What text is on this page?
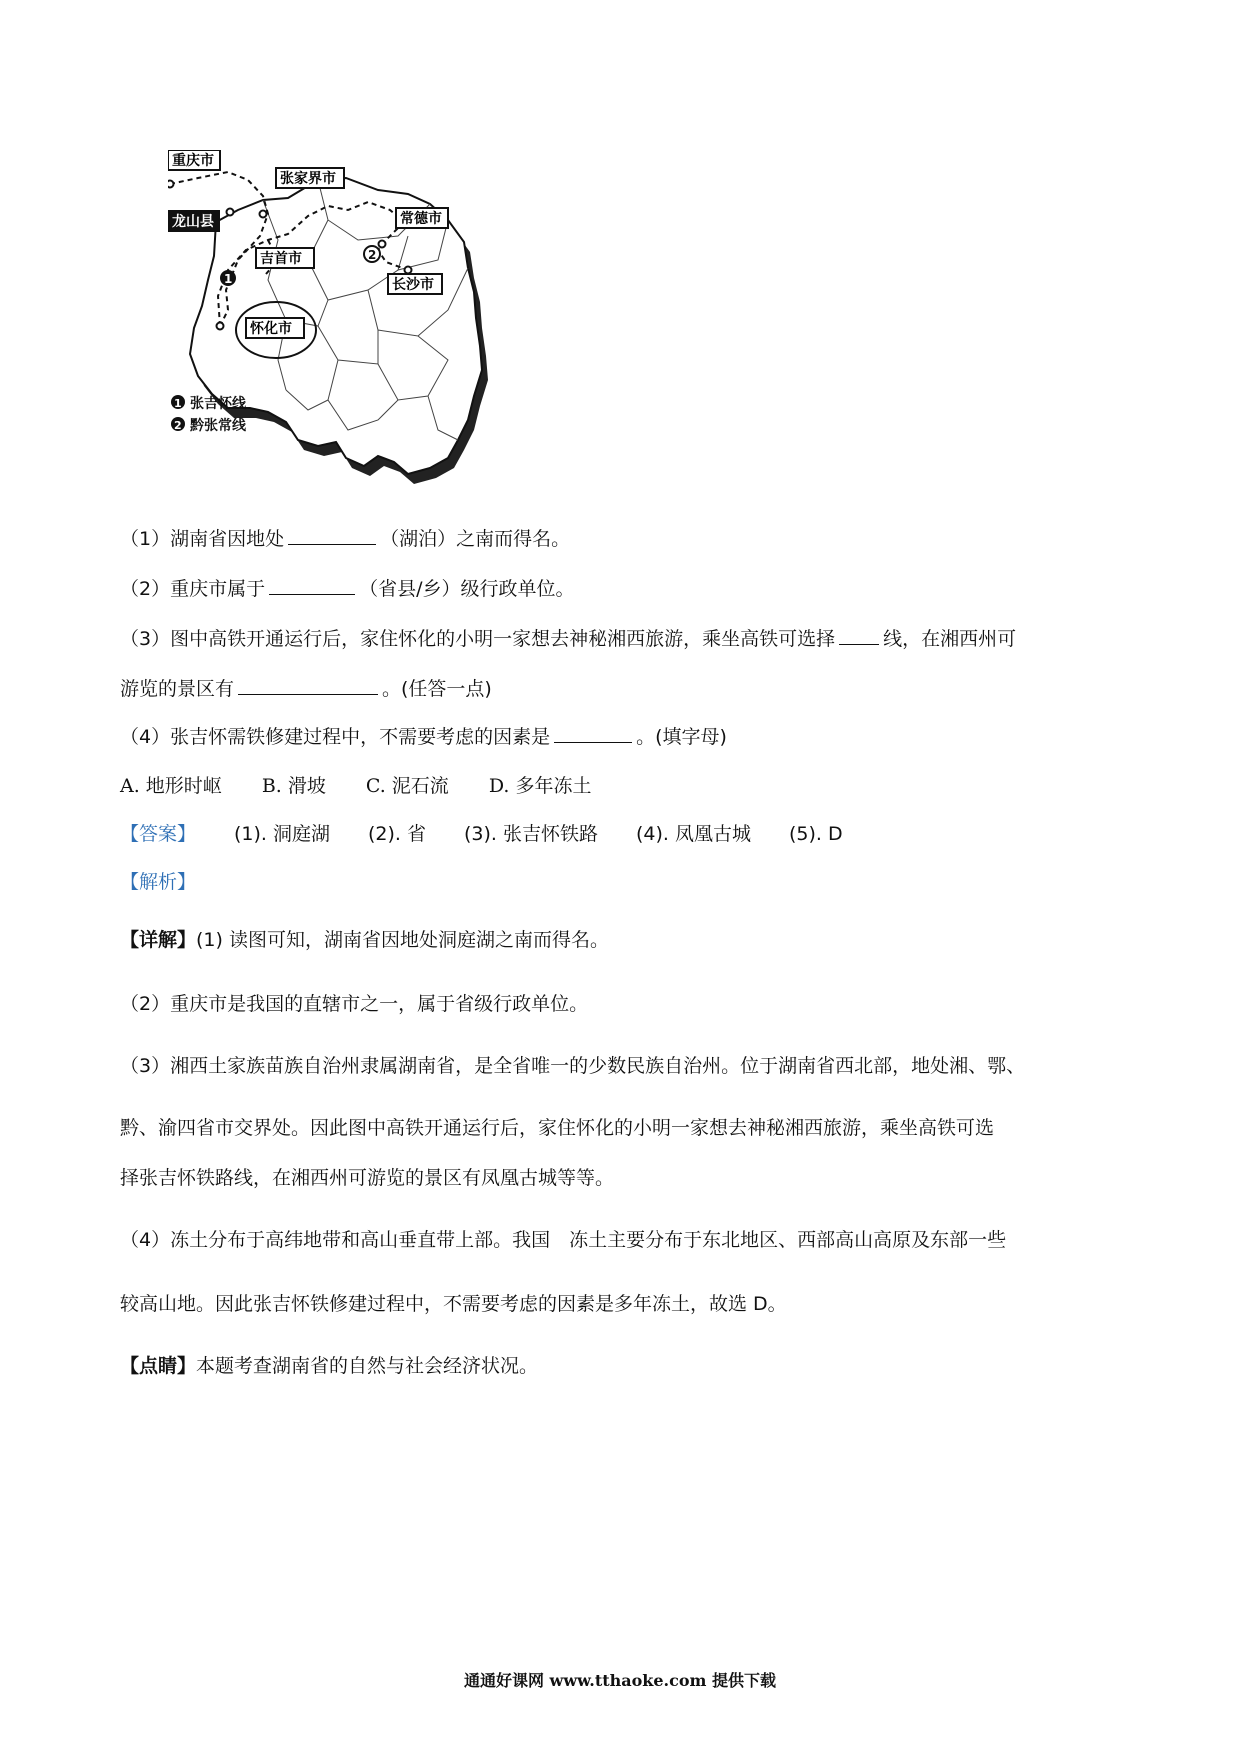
重庆市
张家界市
龙山县	常德市
吉首市
长沙市
怀化市
1
2
1 张吉怀线
2 黔张常线
（1）湖南省因地处	（湖泊）之南而得名。
（2）重庆市属于	（省县/乡）级行政单位。
（3）图中高铁开通运行后，家住怀化的小明一家想去神秘湘西旅游，乘坐高铁可选择	线，在湘西州可
游览的景区有	。(任答一点)
（4）张吉怀需铁修建过程中，不需要考虑的因素是	。(填字母)
A. 地形时岖 B. 滑坡 C. 泥石流 D. 多年冻土
【答案】 (1). 洞庭湖 (2). 省 (3). 张吉怀铁路 (4). 凤凰古城 (5). D
【解析】
【详解】(1) 读图可知，湖南省因地处洞庭湖之南而得名。
（2）重庆市是我国的直辖市之一，属于省级行政单位。
（3）湘西土家族苗族自治州隶属湖南省，是全省唯一的少数民族自治州。位于湖南省西北部，地处湘、鄂、
黔、渝四省市交界处。因此图中高铁开通运行后，家住怀化的小明一家想去神秘湘西旅游，乘坐高铁可选
择张吉怀铁路线，在湘西州可游览的景区有凤凰古城等等。
（4）冻土分布于高纬地带和高山垂直带上部。我国　冻土主要分布于东北地区、西部高山高原及东部一些
较高山地。因此张吉怀铁修建过程中，不需要考虑的因素是多年冻土，故选 D。
【点睛】本题考查湖南省的自然与社会经济状况。
通通好课网 www.tthaoke.com 提供下载
